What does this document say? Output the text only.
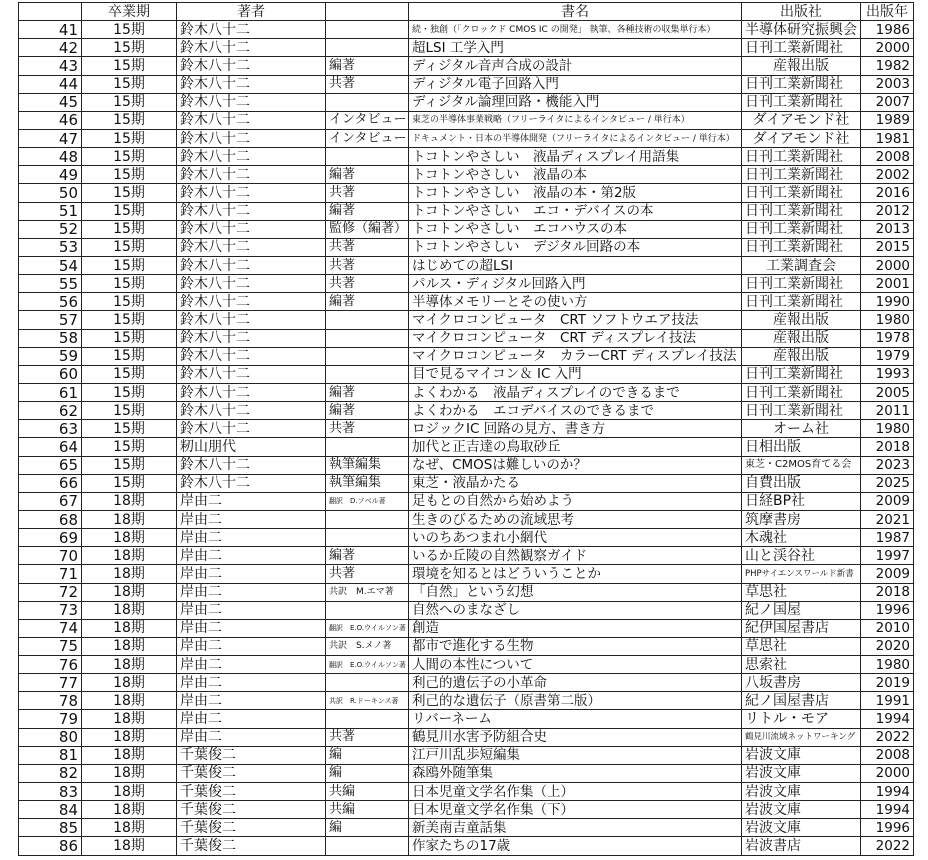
	卒業期	著者		書名	出版社	出版年
41	15期	鈴木八十二		続・独創（「クロックド CMOS IC の開発」 執筆、各種技術の収集単行本）	半導体研究振興会	1986
42	15期	鈴木八十二		超LSI 工学入門	日刊工業新聞社	2000
43	15期	鈴木八十二	編著	ディジタル音声合成の設計	産報出版	1982
44	15期	鈴木八十二	共著	ディジタル電子回路入門	日刊工業新聞社	2003
45	15期	鈴木八十二		ディジタル論理回路・機能入門	日刊工業新聞社	2007
46	15期	鈴木八十二	インタビュー	東芝の半導体事業戦略（フリーライタによるインタビュー / 単行本）	ダイアモンド社	1989
47	15期	鈴木八十二	インタビュー	ドキュメント・日本の半導体開発（フリーライタによるインタビュー / 単行本）	ダイアモンド社	1981
48	15期	鈴木八十二		トコトンやさしい　液晶ディスプレイ用語集	日刊工業新聞社	2008
49	15期	鈴木八十二	編著	トコトンやさしい　液晶の本	日刊工業新聞社	2002
50	15期	鈴木八十二	共著	トコトンやさしい　液晶の本・第2版	日刊工業新聞社	2016
51	15期	鈴木八十二	編著	トコトンやさしい　エコ・デバイスの本	日刊工業新聞社	2012
52	15期	鈴木八十二	監修（編著）	トコトンやさしい　エコハウスの本	日刊工業新聞社	2013
53	15期	鈴木八十二	共著	トコトンやさしい　デジタル回路の本	日刊工業新聞社	2015
54	15期	鈴木八十二	共著	はじめての超LSI	工業調査会	2000
55	15期	鈴木八十二	共著	パルス・ディジタル回路入門	日刊工業新聞社	2001
56	15期	鈴木八十二	編著	半導体メモリーとその使い方	日刊工業新聞社	1990
57	15期	鈴木八十二		マイクロコンピュータ　CRT ソフトウエア技法	産報出版	1980
58	15期	鈴木八十二		マイクロコンピュータ　CRT ディスプレイ技法	産報出版	1978
59	15期	鈴木八十二		マイクロコンピュータ　カラーCRT ディスプレイ技法	産報出版	1979
60	15期	鈴木八十二		目で見るマイコン＆ IC 入門	日刊工業新聞社	1993
61	15期	鈴木八十二	編著	よくわかる　液晶ディスプレイのできるまで	日刊工業新聞社	2005
62	15期	鈴木八十二	編著	よくわかる　エコデバイスのできるまで	日刊工業新聞社	2011
63	15期	鈴木八十二	共著	ロジックIC 回路の見方、書き方	オーム社	1980
64	15期	籾山朋代		加代と正吉達の鳥取砂丘	日相出版	2018
65	15期	鈴木八十二	執筆編集	なぜ、CMOSは難しいのか？	東芝・C2MOS育てる会	2023
66	15期	鈴木八十二	執筆編集	東芝・液晶かたる	自費出版	2025
67	18期	岸由二	翻訳　D.ソベル著	足もとの自然から始めよう	日経BP社	2009
68	18期	岸由二		生きのびるための流域思考	筑摩書房	2021
69	18期	岸由二		いのちあつまれ小網代	木魂社	1987
70	18期	岸由二	編著	いるか丘陵の自然観察ガイド	山と渓谷社	1997
71	18期	岸由二	共著	環境を知るとはどういうことか	PHPサイエンスワールド新書	2009
72	18期	岸由二	共訳　M.エマ著	「自然」という幻想	草思社	2018
73	18期	岸由二		自然へのまなざし	紀ノ国屋	1996
74	18期	岸由二	翻訳　E.O.ウイルソン著	創造	紀伊国屋書店	2010
75	18期	岸由二	共訳　S.メノ著	都市で進化する生物	草思社	2020
76	18期	岸由二	翻訳　E.O.ウイルソン著	人間の本性について	思索社	1980
77	18期	岸由二		利己的遺伝子の小革命	八坂書房	2019
78	18期	岸由二	共訳　R.ドーキンス著	利己的な遺伝子（原書第二版）	紀ノ国屋書店	1991
79	18期	岸由二		リバーネーム	リトル・モア	1994
80	18期	岸由二	共著	鶴見川水害予防組合史	鶴見川流域ネットワーキング	2022
81	18期	千葉俊二	編	江戸川乱歩短編集	岩波文庫	2008
82	18期	千葉俊二	編	森鴎外随筆集	岩波文庫	2000
83	18期	千葉俊二	共編	日本児童文学名作集（上）	岩波文庫	1994
84	18期	千葉俊二	共編	日本児童文学名作集（下）	岩波文庫	1994
85	18期	千葉俊二	編	新美南吉童話集	岩波文庫	1996
86	18期	千葉俊二		作家たちの17歳	岩波書店	2022
